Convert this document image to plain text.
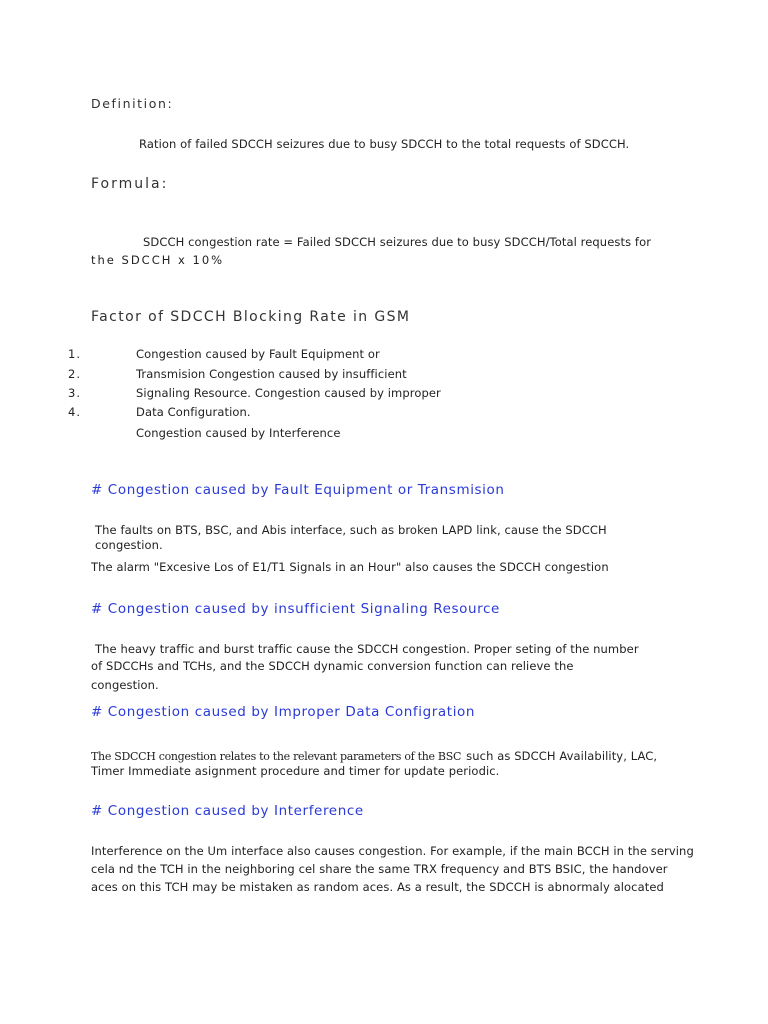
Definition:
Ration of failed SDCCH seizures due to busy SDCCH to the total requests of SDCCH.
Formula:
SDCCH congestion rate = Failed SDCCH seizures due to busy SDCCH/Total requests for
the SDCCH x 10%
Factor of SDCCH Blocking Rate in GSM
1.
2.
3.
4.
Congestion caused by Fault Equipment or
Transmision Congestion caused by insufficient
Signaling Resource. Congestion caused by improper
Data Configuration.
Congestion caused by Interference
# Congestion caused by Fault Equipment or Transmision
The faults on BTS, BSC, and Abis interface, such as broken LAPD link, cause the SDCCH
congestion.
The alarm "Excesive Los of E1/T1 Signals in an Hour" also causes the SDCCH congestion
# Congestion caused by insufficient Signaling Resource
The heavy traffic and burst traffic cause the SDCCH congestion. Proper seting of the number
of SDCCHs and TCHs, and the SDCCH dynamic conversion function can relieve the
congestion.
# Congestion caused by Improper Data Configration
The SDCCH congestion relates to the relevant parameters of the BSC such as SDCCH Availability, LAC,
Timer Immediate asignment procedure and timer for update periodic.
# Congestion caused by Interference
Interference on the Um interface also causes congestion. For example, if the main BCCH in the serving
cela nd the TCH in the neighboring cel share the same TRX frequency and BTS BSIC, the handover
aces on this TCH may be mistaken as random aces. As a result, the SDCCH is abnormaly alocated
